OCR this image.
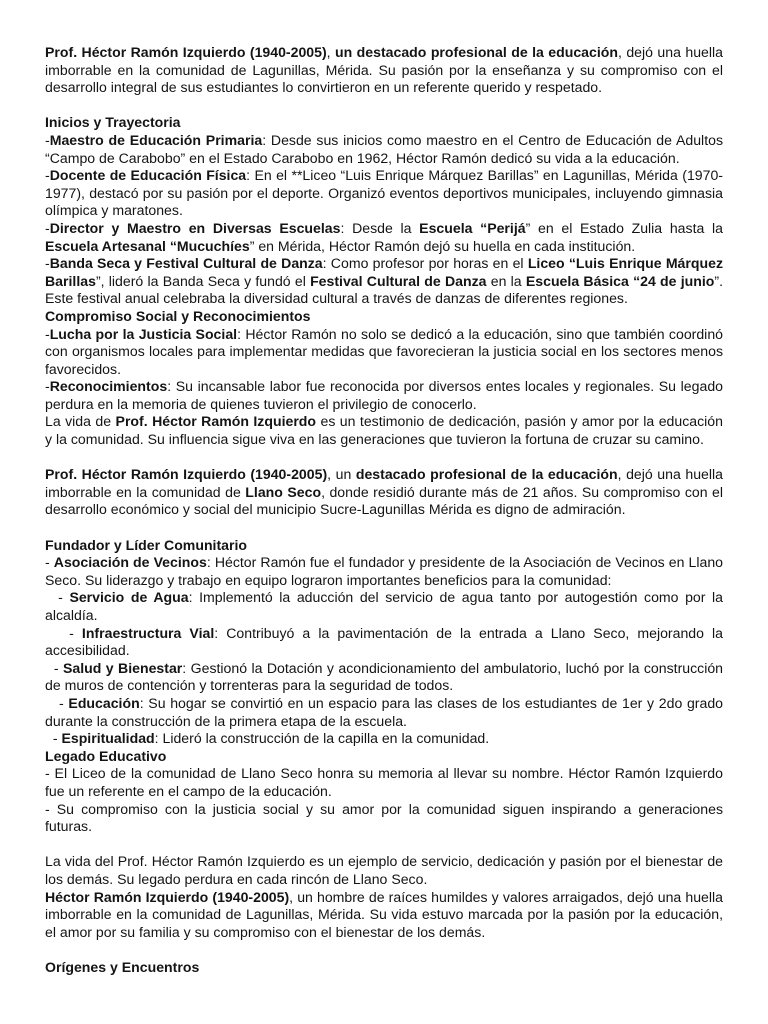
Prof. Héctor Ramón Izquierdo (1940-2005), un destacado profesional de la educación, dejó una huella imborrable en la comunidad de Lagunillas, Mérida. Su pasión por la enseñanza y su compromiso con el desarrollo integral de sus estudiantes lo convirtieron en un referente querido y respetado.

Inicios y Trayectoria

-Maestro de Educación Primaria: Desde sus inicios como maestro en el Centro de Educación de Adultos “Campo de Carabobo” en el Estado Carabobo en 1962, Héctor Ramón dedicó su vida a la educación.

-Docente de Educación Física: En el **Liceo “Luis Enrique Márquez Barillas” en Lagunillas, Mérida (1970-1977), destacó por su pasión por el deporte. Organizó eventos deportivos municipales, incluyendo gimnasia olímpica y maratones.

-Director y Maestro en Diversas Escuelas: Desde la Escuela “Perijá” en el Estado Zulia hasta la Escuela Artesanal “Mucuchíes” en Mérida, Héctor Ramón dejó su huella en cada institución.

-Banda Seca y Festival Cultural de Danza: Como profesor por horas en el Liceo “Luis Enrique Márquez Barillas”, lideró la Banda Seca y fundó el Festival Cultural de Danza en la Escuela Básica “24 de junio”. Este festival anual celebraba la diversidad cultural a través de danzas de diferentes regiones.

Compromiso Social y Reconocimientos

-Lucha por la Justicia Social: Héctor Ramón no solo se dedicó a la educación, sino que también coordinó con organismos locales para implementar medidas que favorecieran la justicia social en los sectores menos favorecidos.

-Reconocimientos: Su incansable labor fue reconocida por diversos entes locales y regionales. Su legado perdura en la memoria de quienes tuvieron el privilegio de conocerlo.

La vida de Prof. Héctor Ramón Izquierdo es un testimonio de dedicación, pasión y amor por la educación y la comunidad. Su influencia sigue viva en las generaciones que tuvieron la fortuna de cruzar su camino.

Prof. Héctor Ramón Izquierdo (1940-2005), un destacado profesional de la educación, dejó una huella imborrable en la comunidad de Llano Seco, donde residió durante más de 21 años. Su compromiso con el desarrollo económico y social del municipio Sucre-Lagunillas Mérida es digno de admiración.

Fundador y Líder Comunitario

- Asociación de Vecinos: Héctor Ramón fue el fundador y presidente de la Asociación de Vecinos en Llano Seco. Su liderazgo y trabajo en equipo lograron importantes beneficios para la comunidad:

- Servicio de Agua: Implementó la aducción del servicio de agua tanto por autogestión como por la alcaldía.

- Infraestructura Vial: Contribuyó a la pavimentación de la entrada a Llano Seco, mejorando la accesibilidad.

- Salud y Bienestar: Gestionó la Dotación y acondicionamiento del ambulatorio, luchó por la construcción de muros de contención y torrenteras para la seguridad de todos.

- Educación: Su hogar se convirtió en un espacio para las clases de los estudiantes de 1er y 2do grado durante la construcción de la primera etapa de la escuela.

- Espiritualidad: Lideró la construcción de la capilla en la comunidad.

Legado Educativo

- El Liceo de la comunidad de Llano Seco honra su memoria al llevar su nombre. Héctor Ramón Izquierdo fue un referente en el campo de la educación.

- Su compromiso con la justicia social y su amor por la comunidad siguen inspirando a generaciones futuras.

La vida del Prof. Héctor Ramón Izquierdo es un ejemplo de servicio, dedicación y pasión por el bienestar de los demás. Su legado perdura en cada rincón de Llano Seco.

Héctor Ramón Izquierdo (1940-2005), un hombre de raíces humildes y valores arraigados, dejó una huella imborrable en la comunidad de Lagunillas, Mérida. Su vida estuvo marcada por la pasión por la educación, el amor por su familia y su compromiso con el bienestar de los demás.

Orígenes y Encuentros
